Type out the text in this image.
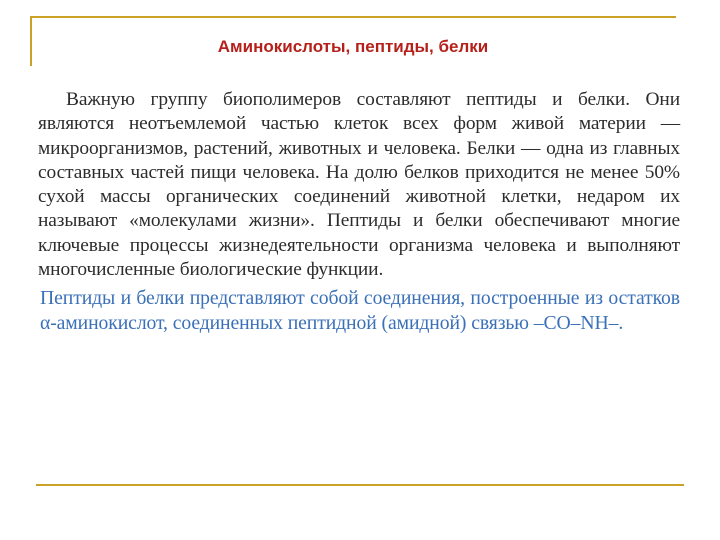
Аминокислоты, пептиды, белки

Важную группу биополимеров составляют пептиды и белки. Они являются неотъемлемой частью клеток всех форм живой материи — микроорганизмов, растений, животных и человека. Белки — одна из главных составных частей пищи человека. На долю белков приходится не менее 50% сухой массы органических соединений животной клетки, недаром их называют «молекулами жизни». Пептиды и белки обеспечивают многие ключевые процессы жизнедеятельности организма человека и выполняют многочисленные биологические функции.

Пептиды и белки представляют собой соединения, построенные из остатков α-аминокислот, соединенных пептидной (амидной) связью –CO–NH–.
